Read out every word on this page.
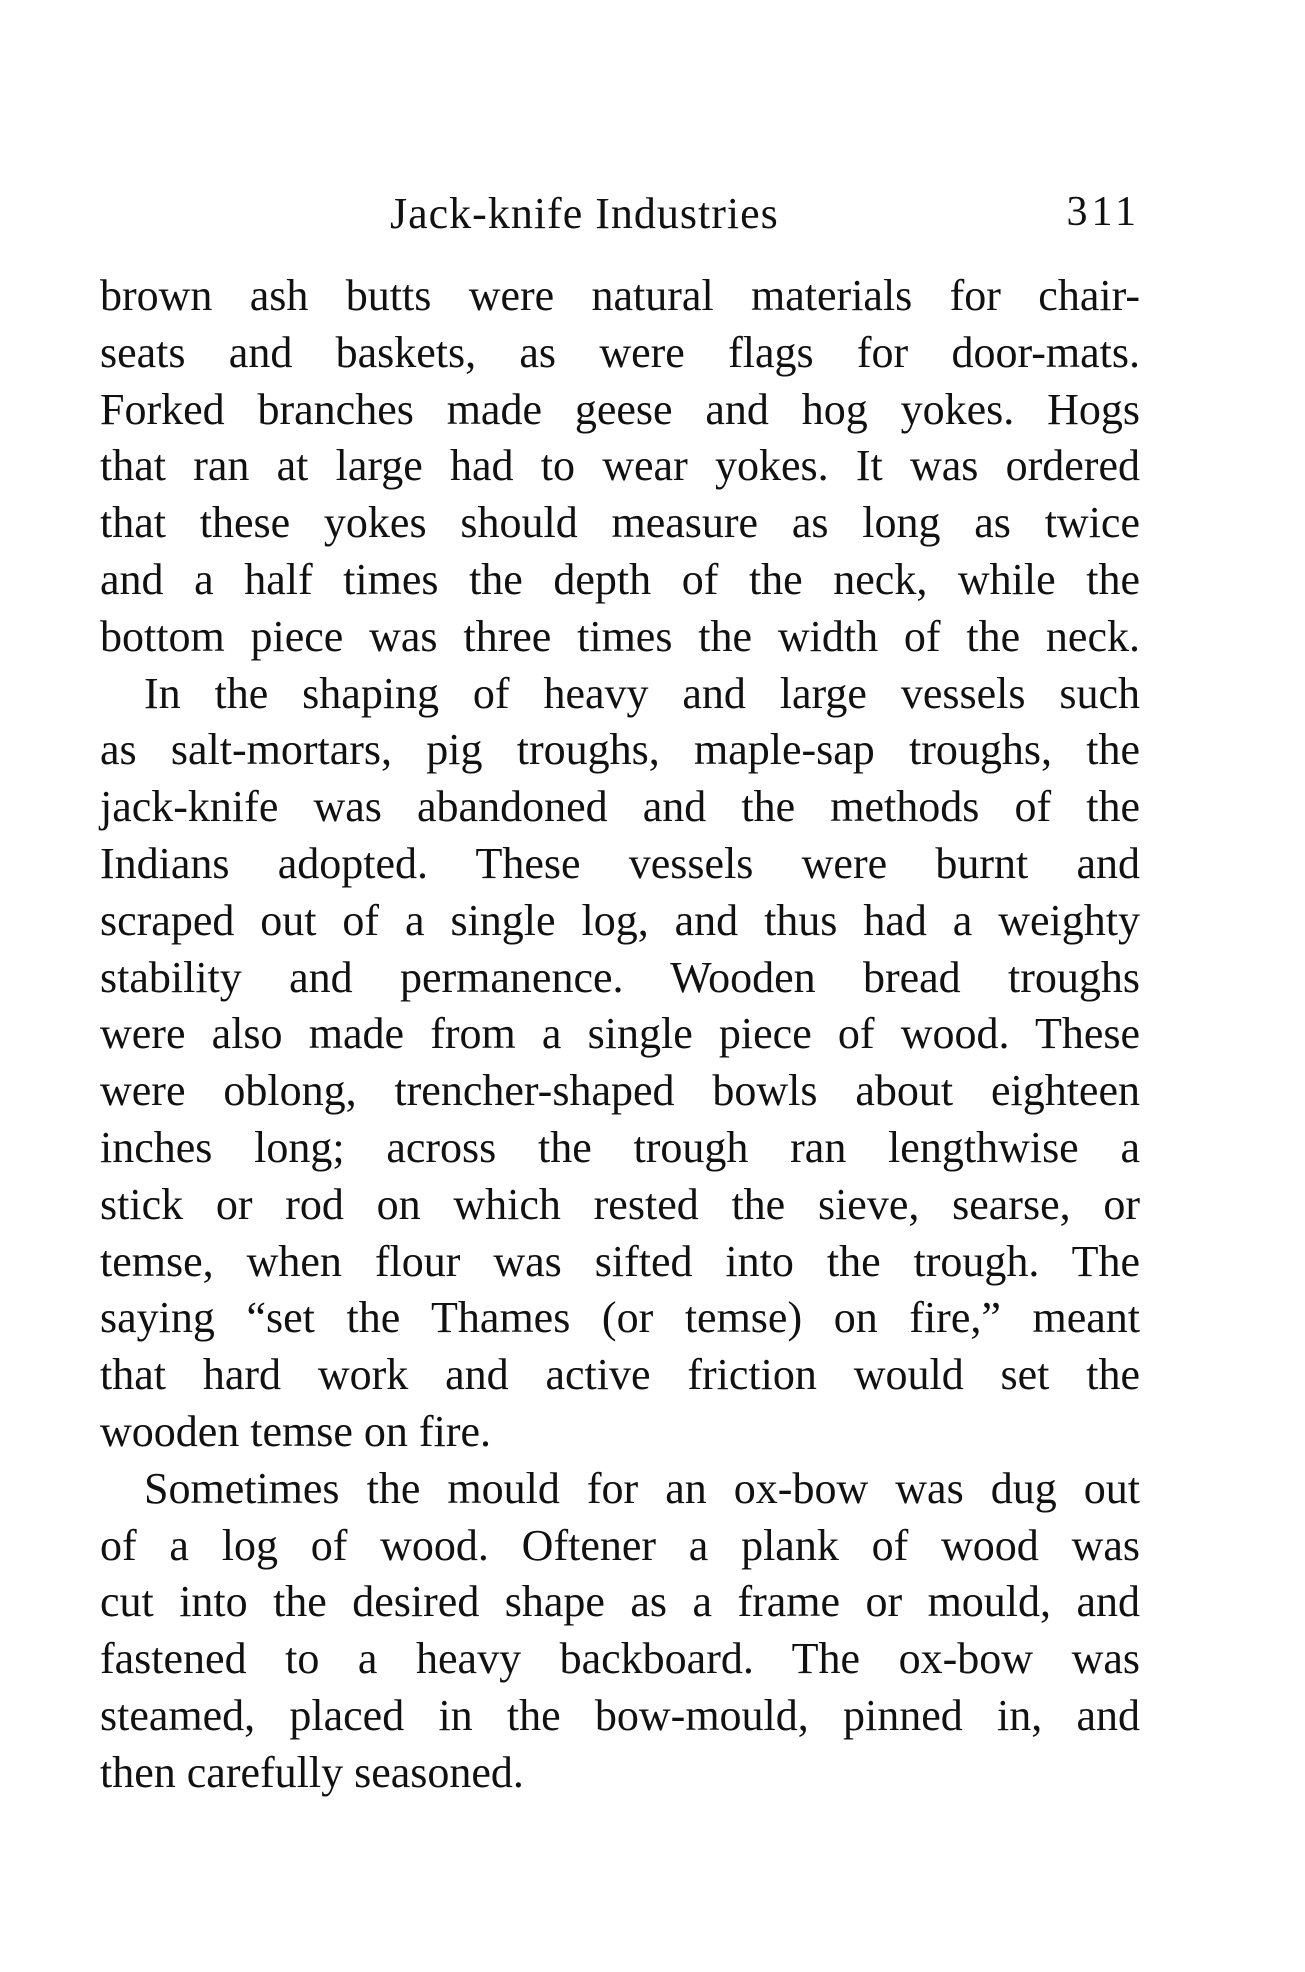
Jack-knife Industries	311
brown ash butts were natural materials for chair-
seats and baskets, as were flags for door-mats.
Forked branches made geese and hog yokes. Hogs
that ran at large had to wear yokes. It was ordered
that these yokes should measure as long as twice
and a half times the depth of the neck, while the
bottom piece was three times the width of the neck.
In the shaping of heavy and large vessels such
as salt-mortars, pig troughs, maple-sap troughs, the
jack-knife was abandoned and the methods of the
Indians adopted. These vessels were burnt and
scraped out of a single log, and thus had a weighty
stability and permanence. Wooden bread troughs
were also made from a single piece of wood. These
were oblong, trencher-shaped bowls about eighteen
inches long; across the trough ran lengthwise a
stick or rod on which rested the sieve, searse, or
temse, when flour was sifted into the trough. The
saying “set the Thames (or temse) on fire,” meant
that hard work and active friction would set the
wooden temse on fire.
Sometimes the mould for an ox-bow was dug out
of a log of wood. Oftener a plank of wood was
cut into the desired shape as a frame or mould, and
fastened to a heavy backboard. The ox-bow was
steamed, placed in the bow-mould, pinned in, and
then carefully seasoned.
